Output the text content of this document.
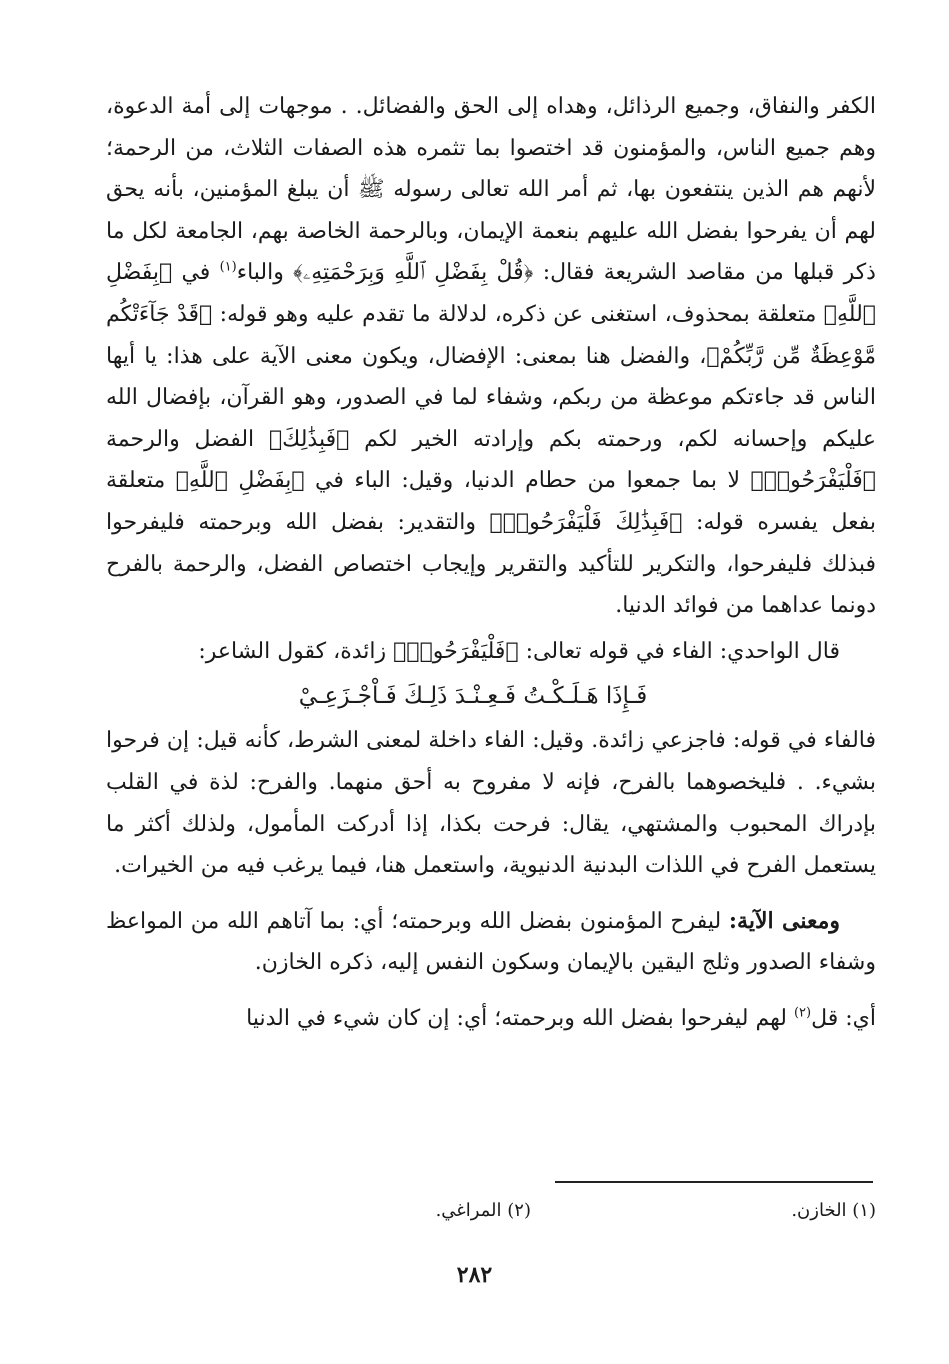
الكفر والنفاق، وجميع الرذائل، وهداه إلى الحق والفضائل. . موجهات إلى أمة الدعوة، وهم جميع الناس، والمؤمنون قد اختصوا بما تثمره هذه الصفات الثلاث، من الرحمة؛ لأنهم هم الذين ينتفعون بها، ثم أمر الله تعالى رسوله ﷺ أن يبلغ المؤمنين، بأنه يحق لهم أن يفرحوا بفضل الله عليهم بنعمة الإيمان، وبالرحمة الخاصة بهم، الجامعة لكل ما ذكر قبلها من مقاصد الشريعة فقال: ﴿قُلْ بِفَضْلِ ٱللَّهِ وَبِرَحْمَتِهِۦ﴾ والباء$^{(١)}$ في ﴿بِفَضْلِ ٱللَّهِ﴾ متعلقة بمحذوف، استغنى عن ذكره، لدلالة ما تقدم عليه وهو قوله: ﴿قَدْ جَآءَتْكُم مَّوْعِظَةٌ مِّن رَّبِّكُمْ﴾، والفضل هنا بمعنى: الإفضال، ويكون معنى الآية على هذا: يا أيها الناس قد جاءتكم موعظة من ربكم، وشفاء لما في الصدور، وهو القرآن، بإفضال الله عليكم وإحسانه لكم، ورحمته بكم وإرادته الخير لكم ﴿فَبِذَٰلِكَ﴾ الفضل والرحمة ﴿فَلْيَفْرَحُوا۟﴾ لا بما جمعوا من حطام الدنيا، وقيل: الباء في ﴿بِفَضْلِ ٱللَّهِ﴾ متعلقة بفعل يفسره قوله: ﴿فَبِذَٰلِكَ فَلْيَفْرَحُوا۟﴾ والتقدير: بفضل الله وبرحمته فليفرحوا فبذلك فليفرحوا، والتكرير للتأكيد والتقرير وإيجاب اختصاص الفضل، والرحمة بالفرح دونما عداهما من فوائد الدنيا.

قال الواحدي: الفاء في قوله تعالى: ﴿فَلْيَفْرَحُوا۟﴾ زائدة، كقول الشاعر:

فَـإِذَا هَـلَـكْـتُ فَـعِـنْـدَ ذَلِـكَ فَـاْجْـزَعِـيْ

فالفاء في قوله: فاجزعي زائدة. وقيل: الفاء داخلة لمعنى الشرط، كأنه قيل: إن فرحوا بشيء. . فليخصوهما بالفرح، فإنه لا مفروح به أحق منهما. والفرح: لذة في القلب بإدراك المحبوب والمشتهي، يقال: فرحت بكذا، إذا أدركت المأمول، ولذلك أكثر ما يستعمل الفرح في اللذات البدنية الدنيوية، واستعمل هنا، فيما يرغب فيه من الخيرات.

ومعنى الآية: ليفرح المؤمنون بفضل الله وبرحمته؛ أي: بما آتاهم الله من المواعظ وشفاء الصدور وثلج اليقين بالإيمان وسكون النفس إليه، ذكره الخازن.

أي: قل$^{(٢)}$ لهم ليفرحوا بفضل الله وبرحمته؛ أي: إن كان شيء في الدنيا

(١) الخازن.
(٢) المراغي.
٢٨٢
